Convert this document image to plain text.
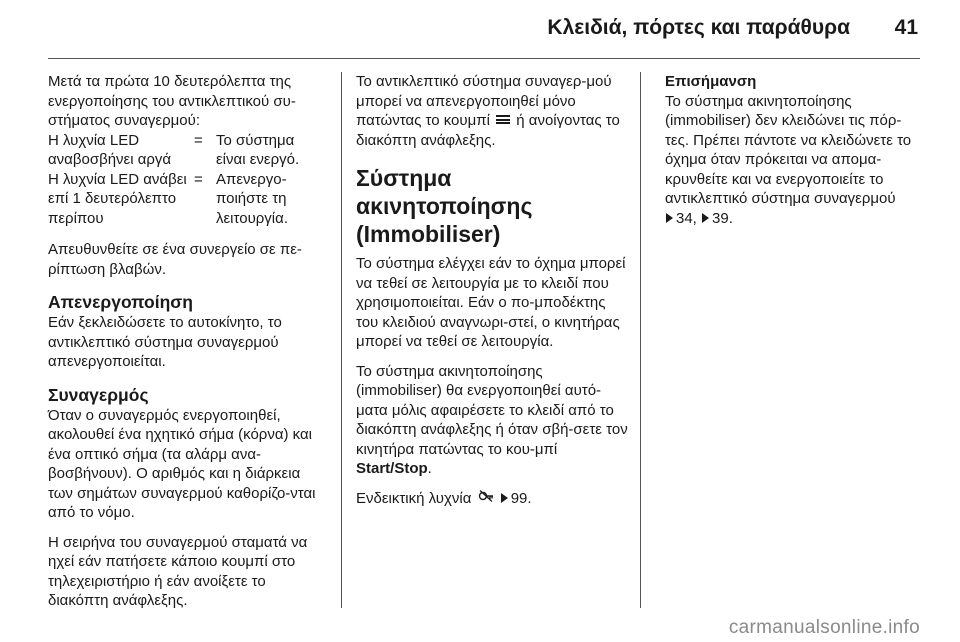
Κλειδιά, πόρτες και παράθυρα 41

Μετά τα πρώτα 10 δευτερόλεπτα της ενεργοποίησης του αντικλεπτικού συ-στήματος συναγερμού:

Η λυχνία LED αναβοσβήνει αργά
= Το σύστημα είναι ενεργό.
Η λυχνία LED ανάβει επί 1 δευτερόλεπτο περίπου
= Απενεργο-ποιήστε τη λειτουργία.

Απευθυνθείτε σε ένα συνεργείο σε πε-ρίπτωση βλαβών.

Απενεργοποίηση

Εάν ξεκλειδώσετε το αυτοκίνητο, το αντικλεπτικό σύστημα συναγερμού απενεργοποιείται.

Συναγερμός

Όταν ο συναγερμός ενεργοποιηθεί, ακολουθεί ένα ηχητικό σήμα (κόρνα) και ένα οπτικό σήμα (τα αλάρμ ανα-βοσβήνουν). Ο αριθμός και η διάρκεια των σημάτων συναγερμού καθορίζο-νται από το νόμο.

Η σειρήνα του συναγερμού σταματά να ηχεί εάν πατήσετε κάποιο κουμπί στο τηλεχειριστήριο ή εάν ανοίξετε το διακόπτη ανάφλεξης.

Το αντικλεπτικό σύστημα συναγερ-μού μπορεί να απενεργοποιηθεί μόνο πατώντας το κουμπί ή ανοίγοντας το διακόπτη ανάφλεξης.

Σύστημα ακινητοποίησης (Immobiliser)

Το σύστημα ελέγχει εάν το όχημα μπορεί να τεθεί σε λειτουργία με το κλειδί που χρησιμοποιείται. Εάν ο πο-μποδέκτης του κλειδιού αναγνωρι-στεί, ο κινητήρας μπορεί να τεθεί σε λειτουργία.

Το σύστημα ακινητοποίησης (immobiliser) θα ενεργοποιηθεί αυτό-ματα μόλις αφαιρέσετε το κλειδί από το διακόπτη ανάφλεξης ή όταν σβή-σετε τον κινητήρα πατώντας το κου-μπί Start/Stop.

Ενδεικτική λυχνία	99.

Επισήμανση

Το σύστημα ακινητοποίησης (immobiliser) δεν κλειδώνει τις πόρ-τες. Πρέπει πάντοτε να κλειδώνετε το όχημα όταν πρόκειται να απομα-κρυνθείτε και να ενεργοποιείτε το αντικλεπτικό σύστημα συναγερμού
34, 39.

carmanualsonline.info
